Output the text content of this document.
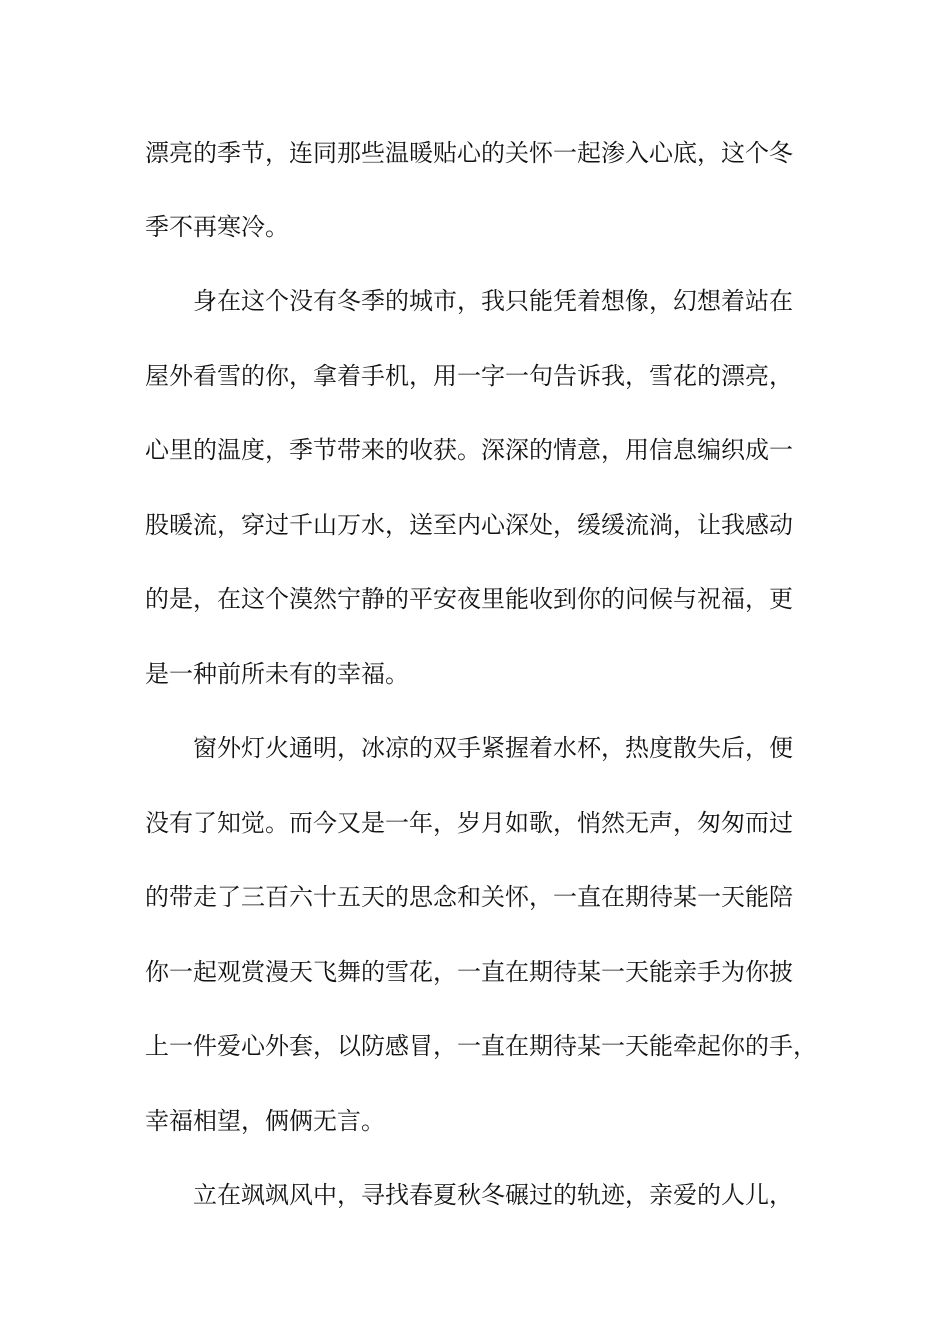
漂亮的季节，连同那些温暖贴心的关怀一起渗入心底，这个冬
季不再寒冷。
身在这个没有冬季的城市，我只能凭着想像，幻想着站在
屋外看雪的你，拿着手机，用一字一句告诉我，雪花的漂亮，
心里的温度，季节带来的收获。深深的情意，用信息编织成一
股暖流，穿过千山万水，送至内心深处，缓缓流淌，让我感动
的是，在这个漠然宁静的平安夜里能收到你的问候与祝福，更
是一种前所未有的幸福。
窗外灯火通明，冰凉的双手紧握着水杯，热度散失后，便
没有了知觉。而今又是一年，岁月如歌，悄然无声，匆匆而过
的带走了三百六十五天的思念和关怀，一直在期待某一天能陪
你一起观赏漫天飞舞的雪花，一直在期待某一天能亲手为你披
上一件爱心外套，以防感冒，一直在期待某一天能牵起你的手，
幸福相望，俩俩无言。
立在飒飒风中，寻找春夏秋冬碾过的轨迹，亲爱的人儿，
